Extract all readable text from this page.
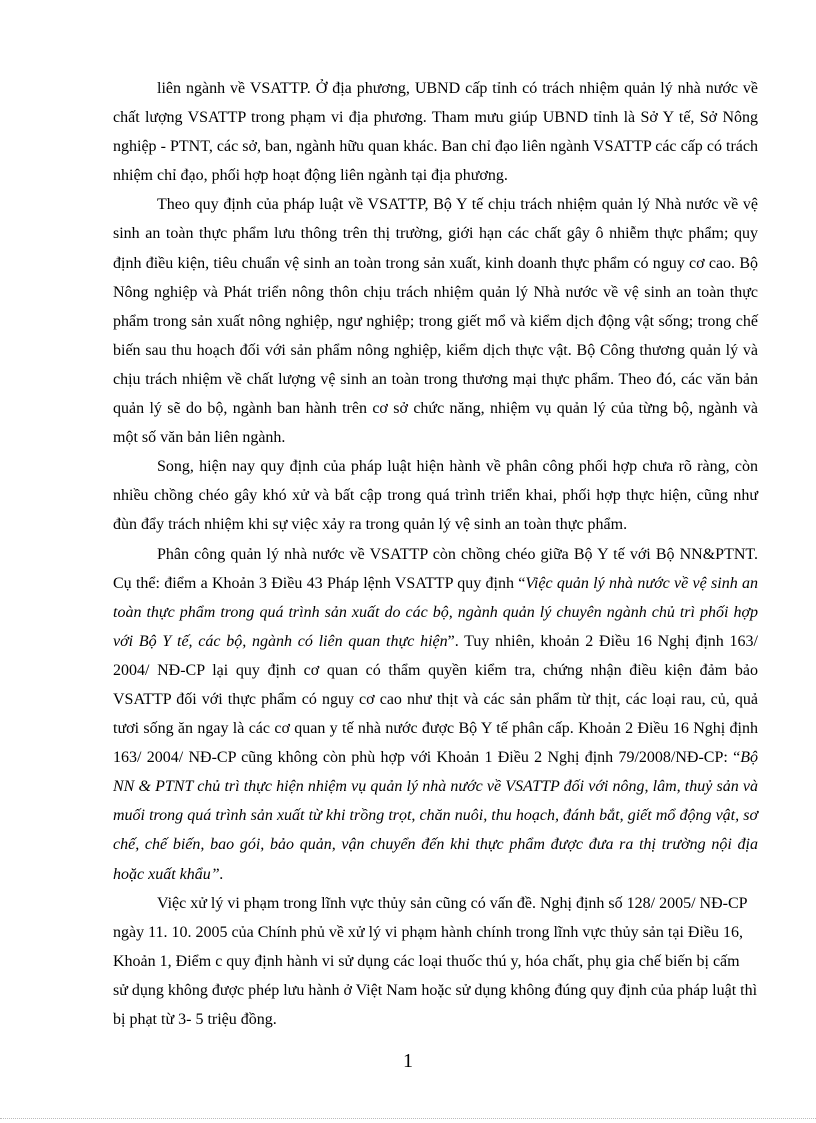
liên ngành về VSATTP. Ở địa phương, UBND cấp tỉnh có trách nhiệm quản lý nhà nước về chất lượng VSATTP trong phạm vi địa phương. Tham mưu giúp UBND tỉnh là Sở Y tế, Sở Nông nghiệp - PTNT, các sở, ban, ngành hữu quan khác. Ban chỉ đạo liên ngành VSATTP các cấp có trách nhiệm chỉ đạo, phối hợp hoạt động liên ngành tại địa phương.

Theo quy định của pháp luật về VSATTP, Bộ Y tế chịu trách nhiệm quản lý Nhà nước về vệ sinh an toàn thực phẩm lưu thông trên thị trường, giới hạn các chất gây ô nhiễm thực phẩm; quy định điều kiện, tiêu chuẩn vệ sinh an toàn trong sản xuất, kinh doanh thực phẩm có nguy cơ cao. Bộ Nông nghiệp và Phát triển nông thôn chịu trách nhiệm quản lý Nhà nước về vệ sinh an toàn thực phẩm trong sản xuất nông nghiệp, ngư nghiệp; trong giết mổ và kiểm dịch động vật sống; trong chế biến sau thu hoạch đối với sản phẩm nông nghiệp, kiểm dịch thực vật. Bộ Công thương quản lý và chịu trách nhiệm về chất lượng vệ sinh an toàn trong thương mại thực phẩm. Theo đó, các văn bản quản lý sẽ do bộ, ngành ban hành trên cơ sở chức năng, nhiệm vụ quản lý của từng bộ, ngành và một số văn bản liên ngành.

Song, hiện nay quy định của pháp luật hiện hành về phân công phối hợp chưa rõ ràng, còn nhiều chồng chéo gây khó xử và bất cập trong quá trình triển khai, phối hợp thực hiện, cũng như đùn đẩy trách nhiệm khi sự việc xảy ra trong quản lý vệ sinh an toàn thực phẩm.

Phân công quản lý nhà nước về VSATTP còn chồng chéo giữa Bộ Y tế với Bộ NN&PTNT. Cụ thể: điểm a Khoản 3 Điều 43 Pháp lệnh VSATTP quy định “Việc quản lý nhà nước về vệ sinh an toàn thực phẩm trong quá trình sản xuất do các bộ, ngành quản lý chuyên ngành chủ trì phối hợp với Bộ Y tế, các bộ, ngành có liên quan thực hiện”. Tuy nhiên, khoản 2 Điều 16 Nghị định 163/ 2004/ NĐ-CP lại quy định cơ quan có thẩm quyền kiểm tra, chứng nhận điều kiện đảm bảo VSATTP đối với thực phẩm có nguy cơ cao như thịt và các sản phẩm từ thịt, các loại rau, củ, quả tươi sống ăn ngay là các cơ quan y tế nhà nước được Bộ Y tế phân cấp. Khoản 2 Điều 16 Nghị định 163/ 2004/ NĐ-CP cũng không còn phù hợp với Khoản 1 Điều 2 Nghị định 79/2008/NĐ-CP: “Bộ NN & PTNT chủ trì thực hiện nhiệm vụ quản lý nhà nước về VSATTP đối với nông, lâm, thuỷ sản và muối trong quá trình sản xuất từ khi trồng trọt, chăn nuôi, thu hoạch, đánh bắt, giết mổ động vật, sơ chế, chế biến, bao gói, bảo quản, vận chuyển đến khi thực phẩm được đưa ra thị trường nội địa hoặc xuất khẩu”.

Việc xử lý vi phạm trong lĩnh vực thủy sản cũng có vấn đề. Nghị định số 128/ 2005/ NĐ-CP ngày 11. 10. 2005 của Chính phủ về xử lý vi phạm hành chính trong lĩnh vực thủy sản tại Điều 16, Khoản 1, Điểm c quy định hành vi sử dụng các loại thuốc thú y, hóa chất, phụ gia chế biến bị cấm sử dụng không được phép lưu hành ở Việt Nam hoặc sử dụng không đúng quy định của pháp luật thì bị phạt từ 3- 5 triệu đồng.

1
